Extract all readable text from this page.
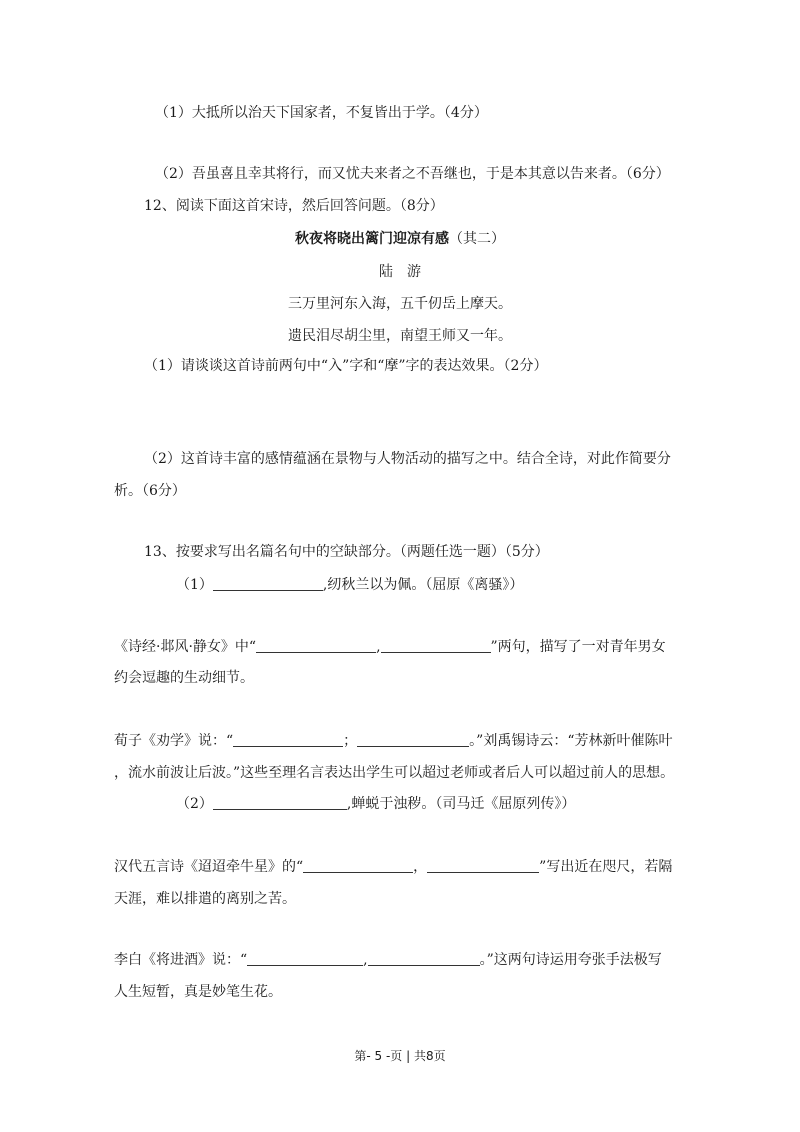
（1）大抵所以治天下国家者，不复皆出于学。（4分）
（2）吾虽喜且幸其将行，而又忧夫来者之不吾继也，于是本其意以告来者。（6分）
12、阅读下面这首宋诗，然后回答问题。（8分）
秋夜将晓出篱门迎凉有感（其二）
陆　游
三万里河东入海，五千仞岳上摩天。
遗民泪尽胡尘里，南望王师又一年。
（1）请谈谈这首诗前两句中“入”字和“摩”字的表达效果。（2分）
（2）这首诗丰富的感情蕴涵在景物与人物活动的描写之中。结合全诗，对此作简要分
析。（6分）
13、按要求写出名篇名句中的空缺部分。（两题任选一题）（5分）
（1）	,纫秋兰以为佩。（屈原《离骚》）
《诗经·邶风·静女》中“	,	”两句，描写了一对青年男女
约会逗趣的生动细节。
荀子《劝学》说：“	；	。”刘禹锡诗云：“芳林新叶催陈叶
，流水前波让后波。”这些至理名言表达出学生可以超过老师或者后人可以超过前人的思想。
（2）	,蝉蜕于浊秽。（司马迁《屈原列传》）
汉代五言诗《迢迢牵牛星》的“	，	”写出近在咫尺，若隔
天涯，难以排遣的离别之苦。
李白《将进酒》说：“	,	。”这两句诗运用夸张手法极写
人生短暂，真是妙笔生花。
第- 5 -页 | 共8页
